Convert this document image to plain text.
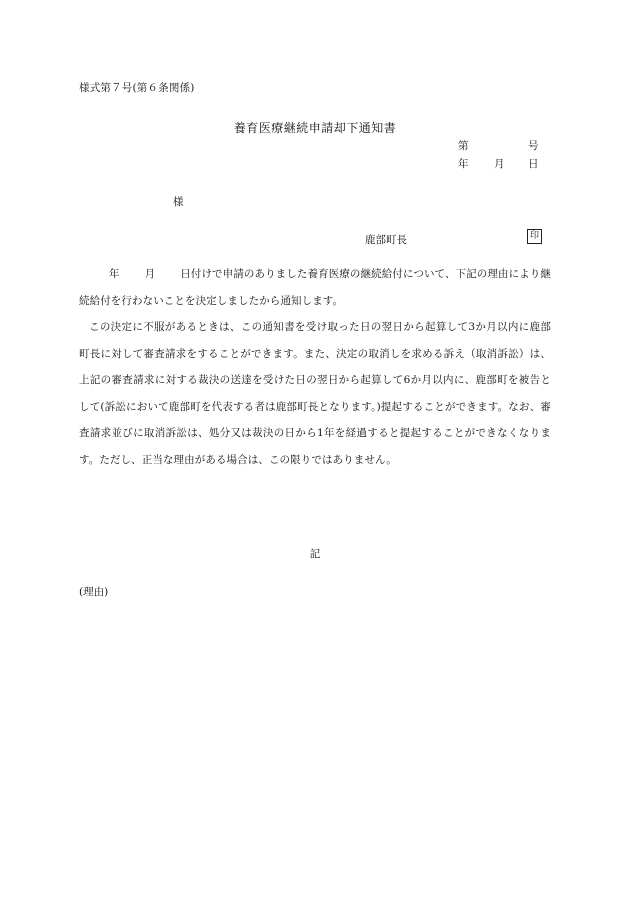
様式第７号(第６条関係)
養育医療継続申請却下通知書
第	号
年 月 日
様
鹿部町長	印

年 月 日付けで申請のありました養育医療の継続給付について、下記の理由により継続給付を行わないことを決定しましたから通知します。

この決定に不服があるときは、この通知書を受け取った日の翌日から起算して3か月以内に鹿部町長に対して審査請求をすることができます。また、決定の取消しを求める訴え（取消訴訟）は、上記の審査請求に対する裁決の送達を受けた日の翌日から起算して6か月以内に、鹿部町を被告として(訴訟において鹿部町を代表する者は鹿部町長となります。)提起することができます。なお、審査請求並びに取消訴訟は、処分又は裁決の日から1年を経過すると提起することができなくなります。ただし、正当な理由がある場合は、この限りではありません。

記
(理由)
